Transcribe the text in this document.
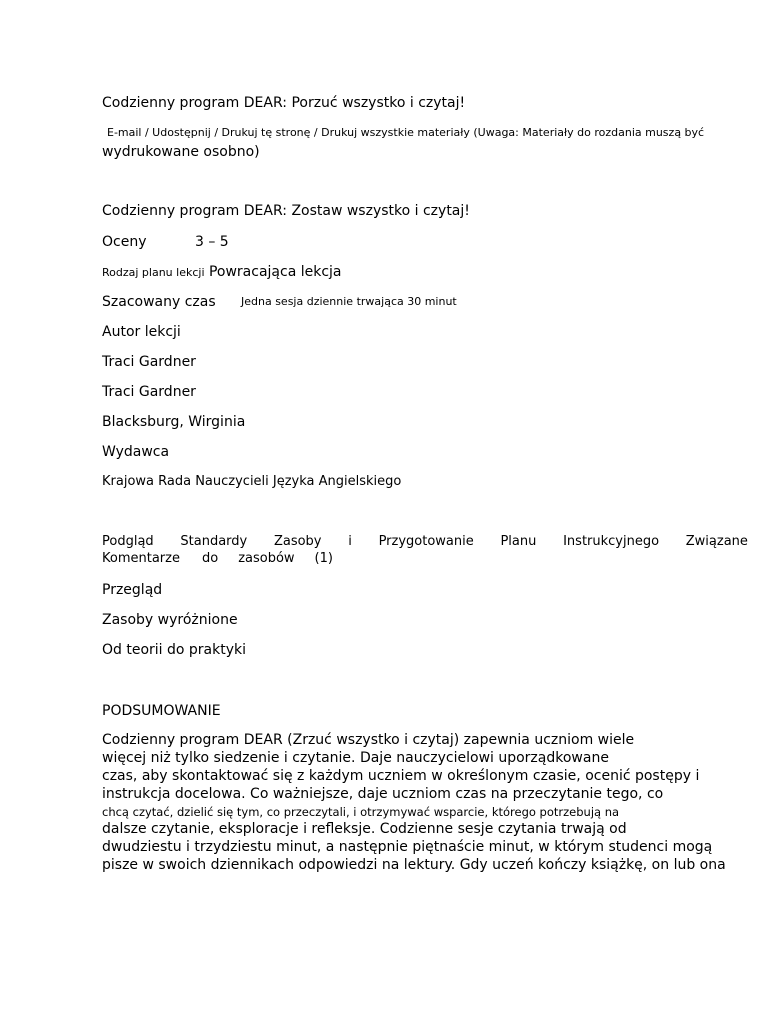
Codzienny program DEAR: Porzuć wszystko i czytaj!
E-mail / Udostępnij / Drukuj tę stronę / Drukuj wszystkie materiały (Uwaga: Materiały do rozdania muszą być
wydrukowane osobno)
Codzienny program DEAR: Zostaw wszystko i czytaj!
Oceny	3 – 5
Rodzaj planu lekcji Powracająca lekcja
Szacowany czas Jedna sesja dziennie trwająca 30 minut
Autor lekcji
Traci Gardner
Traci Gardner
Blacksburg, Wirginia
Wydawca
Krajowa Rada Nauczycieli Języka Angielskiego
Podgląd Standardy Zasoby i Przygotowanie Planu Instrukcyjnego Związane
Komentarze do zasobów (1)
Przegląd
Zasoby wyróżnione
Od teorii do praktyki
PODSUMOWANIE
Codzienny program DEAR (Zrzuć wszystko i czytaj) zapewnia uczniom wiele
więcej niż tylko siedzenie i czytanie. Daje nauczycielowi uporządkowane
czas, aby skontaktować się z każdym uczniem w określonym czasie, ocenić postępy i
instrukcja docelowa. Co ważniejsze, daje uczniom czas na przeczytanie tego, co
chcą czytać, dzielić się tym, co przeczytali, i otrzymywać wsparcie, którego potrzebują na
dalsze czytanie, eksploracje i refleksje. Codzienne sesje czytania trwają od
dwudziestu i trzydziestu minut, a następnie piętnaście minut, w którym studenci mogą
pisze w swoich dziennikach odpowiedzi na lektury. Gdy uczeń kończy książkę, on lub ona
